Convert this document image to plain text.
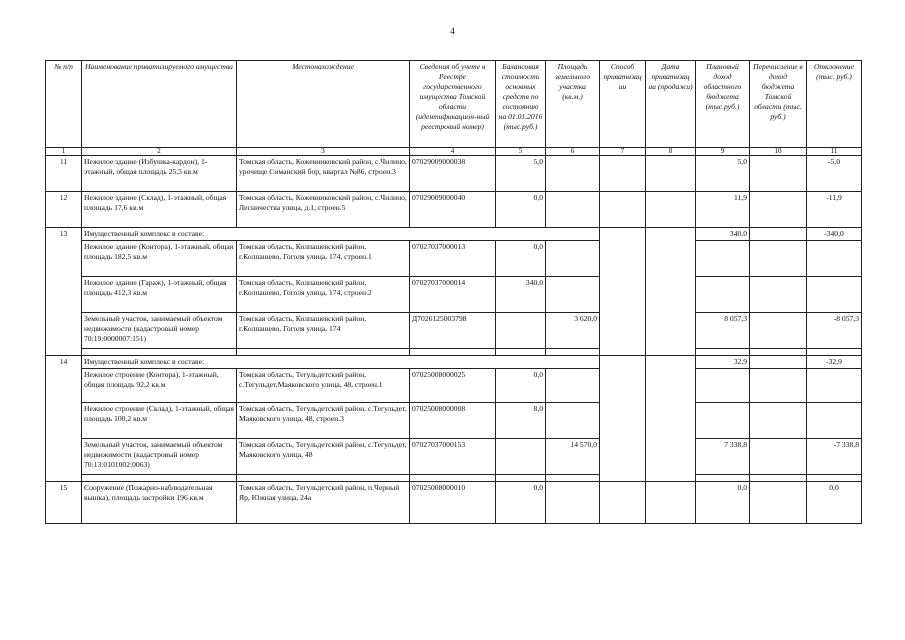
4
№ п/п	Наименование приватизируемого имущества	Местонахождение	Сведения об учете в Реестре государственного имущества Томской области (идентификацион-ный реестровый номер)	Балансовая стоимость основных средств по состоянию на 01.01.2016 (тыс.руб.)	Площадь земельного участка (кв.м.)	Способ приватизац ии	Дата приватизац ии (продажи)	Плановый доход областного бюджета (тыс.руб.)	Перечисление в доход бюджета Томской области (тыс. руб.)	Отклонение (тыс. руб.)
1	2	3	4	5	6	7	8	9	10	11
11	Нежилое здание (Избушка-кардон), 1-этажный, общая площадь 25,5 кв.м	Томская область, Кожевниковский район, с.Чилино, урочище Симанский бор, квартал №86, строен.3	07029009000038	5,0				5,0		-5,0
12	Нежилое здание (Склад), 1-этажный, общая площадь 17,6 кв.м	Томская область, Кожевниковский район, с.Чилино, Лесничества улица, д.1, строен.5	07029009000040	0,0				11,9		-11,9
13	Имущественный комплекс в составе:							340,0		-340,0
	Нежилое здание (Контора), 1-этажный, общая площадь 182,5 кв.м	Томская область, Колпашевский район, г.Колпашево, Гоголя улица, 174, строен.1	07027037000013	0,0						
	Нежилое здание (Гараж), 1-этажный, общая площадь 412,3 кв.м	Томская область, Колпашевский район, г.Колпашево, Гоголя улица, 174, строен.2	07027037000014	340,0						
	Земельный участок, занимаемый объектом недвижимости (кадастровый номер 70:19:0000007:151)	Томская область, Колпашевский район, г.Колпашево, Гоголя улица, 174	Д7026125003798		3 620,0			8 057,3		-8 057,3

14	Имущественный комплекс в составе:							32,9		-32,9
	Нежилое строение (Контора), 1-этажный, общая площадь 92,2 кв.м	Томская область, Тегульдетский район, с.Тегульдет,Маяковского улица, 48, строен.1	07025008000025	0,0						
	Нежилое строение (Склад), 1-этажный, общая площадь 100,2 кв.м	Томская область, Тегульдетский район, с.Тегульдет, Маяковского улица, 48, строен.3	07025008000008	8,0						
	Земельный участок, занимаемый объектом недвижимости (кадастровый номер 70:13:0101002:0063)	Томская область, Тегульдетский район, с.Тегульдет, Маяковского улица, 48	07027037000153		14 570,0			7 338,8		-7 338,8

15	Сооружение (Пожарно-наблюдательная вышка), площадь застройки 196 кв.м	Томская область, Тегульдетский район, п.Черный Яр, Южная улица, 24а	07025008000010	0,0				0,0		0,0
